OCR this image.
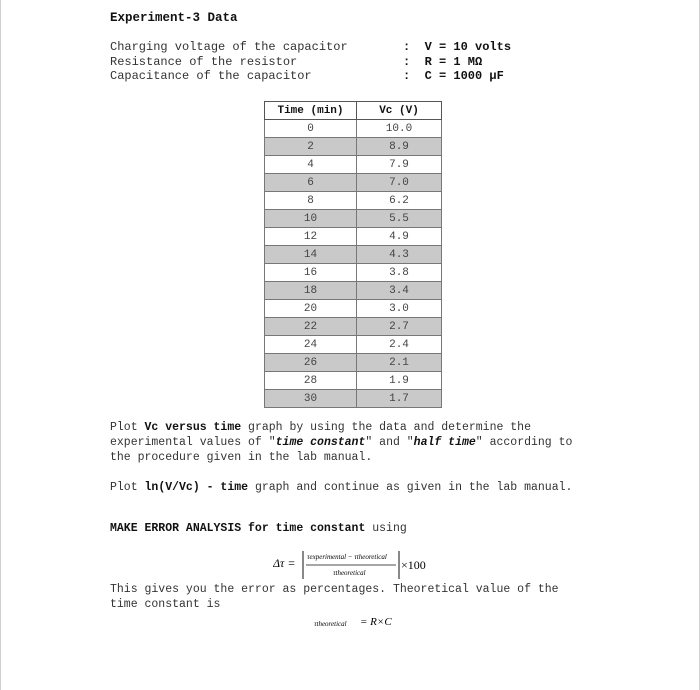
Experiment-3 Data
Charging voltage of the capacitor	:  V = 10 volts
Resistance of the resistor	:  R = 1 MΩ
Capacitance of the capacitor	:  C = 1000 µF
Time (min)	Vc (V)
0	10.0
2	8.9
4	7.9
6	7.0
8	6.2
10	5.5
12	4.9
14	4.3
16	3.8
18	3.4
20	3.0
22	2.7
24	2.4
26	2.1
28	1.9
30	1.7
Plot Vc versus time graph by using the data and determine the experimental values of "time constant" and "half time" according to the procedure given in the lab manual.
Plot ln(V/Vc) - time graph and continue as given in the lab manual.
MAKE ERROR ANALYSIS for time constant using
Δτ = τexperimental − τtheoretical
τtheoretical
×100
This gives you the error as percentages. Theoretical value of the time constant is
τtheoretical = R×C
